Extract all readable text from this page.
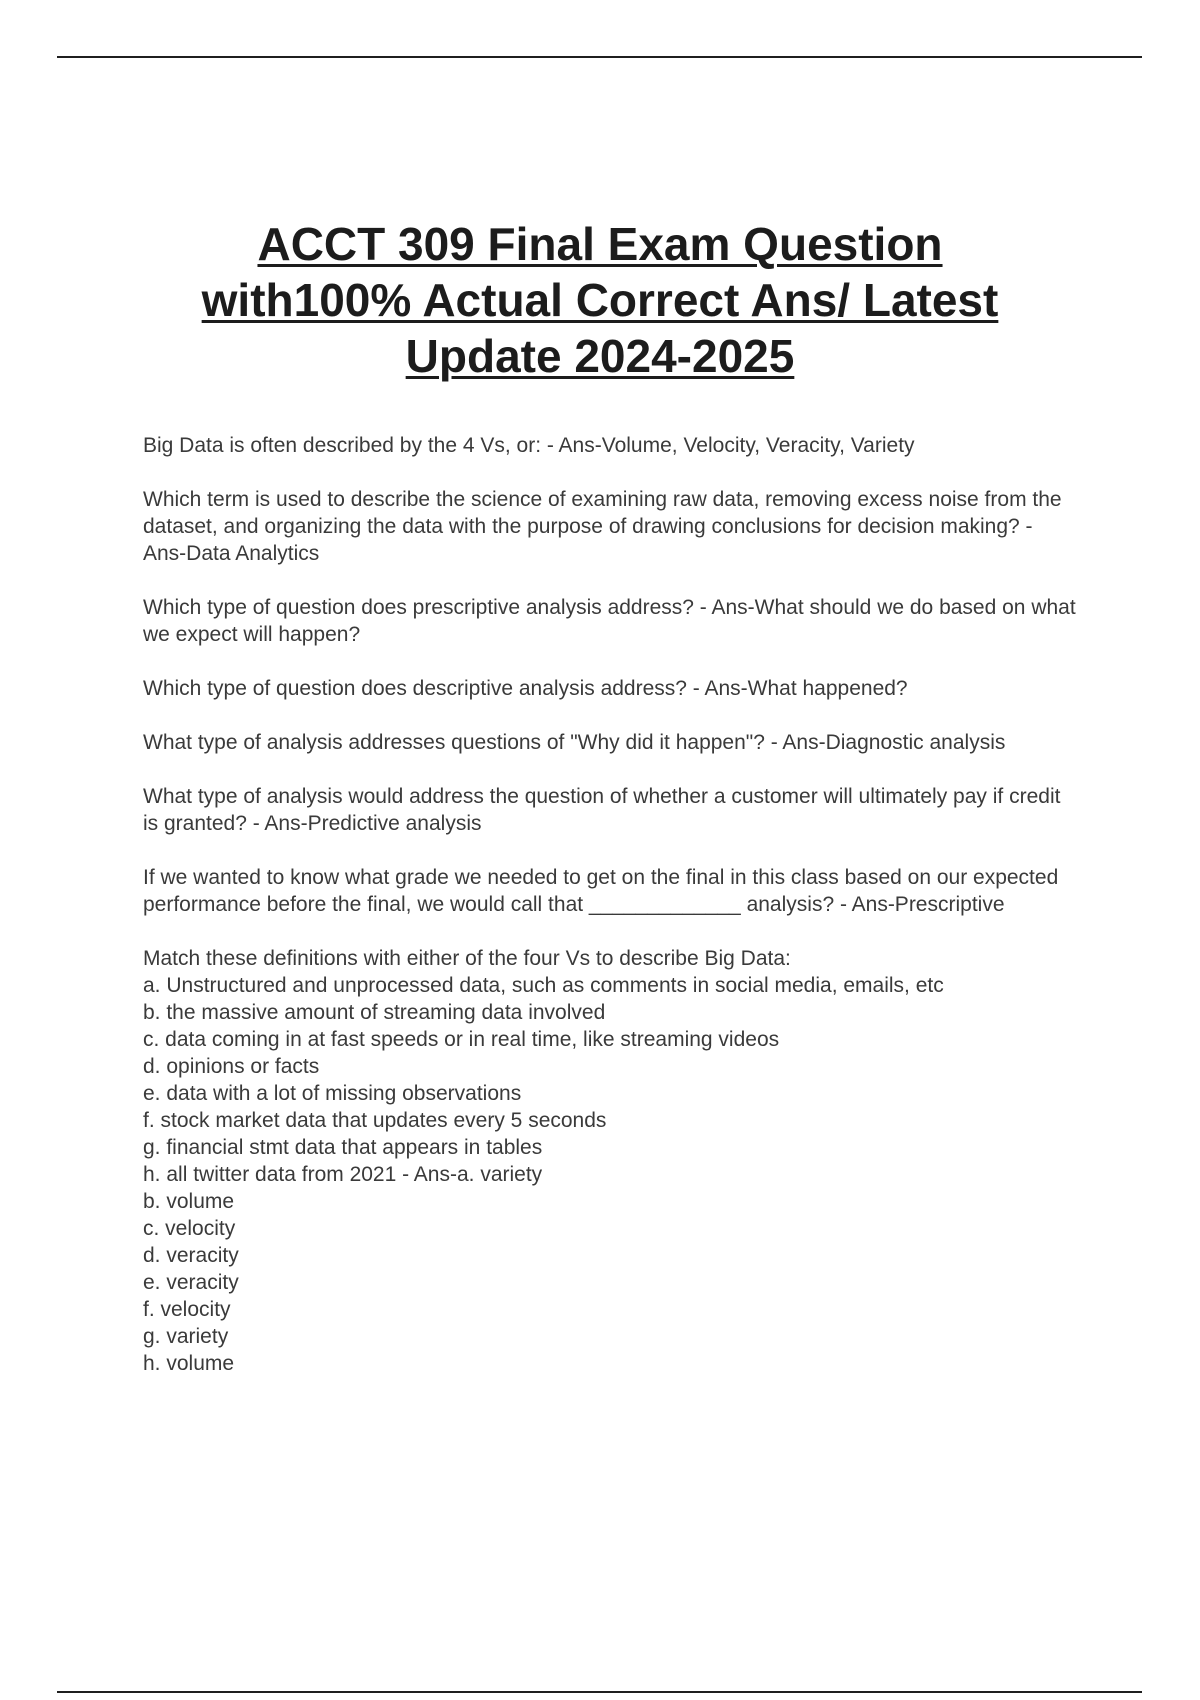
ACCT 309 Final Exam Question
with100% Actual Correct Ans/ Latest
Update 2024-2025

Big Data is often described by the 4 Vs, or: - Ans-Volume, Velocity, Veracity, Variety

Which term is used to describe the science of examining raw data, removing excess noise from the dataset, and organizing the data with the purpose of drawing conclusions for decision making? - Ans-Data Analytics

Which type of question does prescriptive analysis address? - Ans-What should we do based on what we expect will happen?

Which type of question does descriptive analysis address? - Ans-What happened?

What type of analysis addresses questions of "Why did it happen"? - Ans-Diagnostic analysis

What type of analysis would address the question of whether a customer will ultimately pay if credit is granted? - Ans-Predictive analysis

If we wanted to know what grade we needed to get on the final in this class based on our expected performance before the final, we would call that _____________ analysis? - Ans-Prescriptive

Match these definitions with either of the four Vs to describe Big Data:
a. Unstructured and unprocessed data, such as comments in social media, emails, etc
b. the massive amount of streaming data involved
c. data coming in at fast speeds or in real time, like streaming videos
d. opinions or facts
e. data with a lot of missing observations
f. stock market data that updates every 5 seconds
g. financial stmt data that appears in tables
h. all twitter data from 2021 - Ans-a. variety
b. volume
c. velocity
d. veracity
e. veracity
f. velocity
g. variety
h. volume
